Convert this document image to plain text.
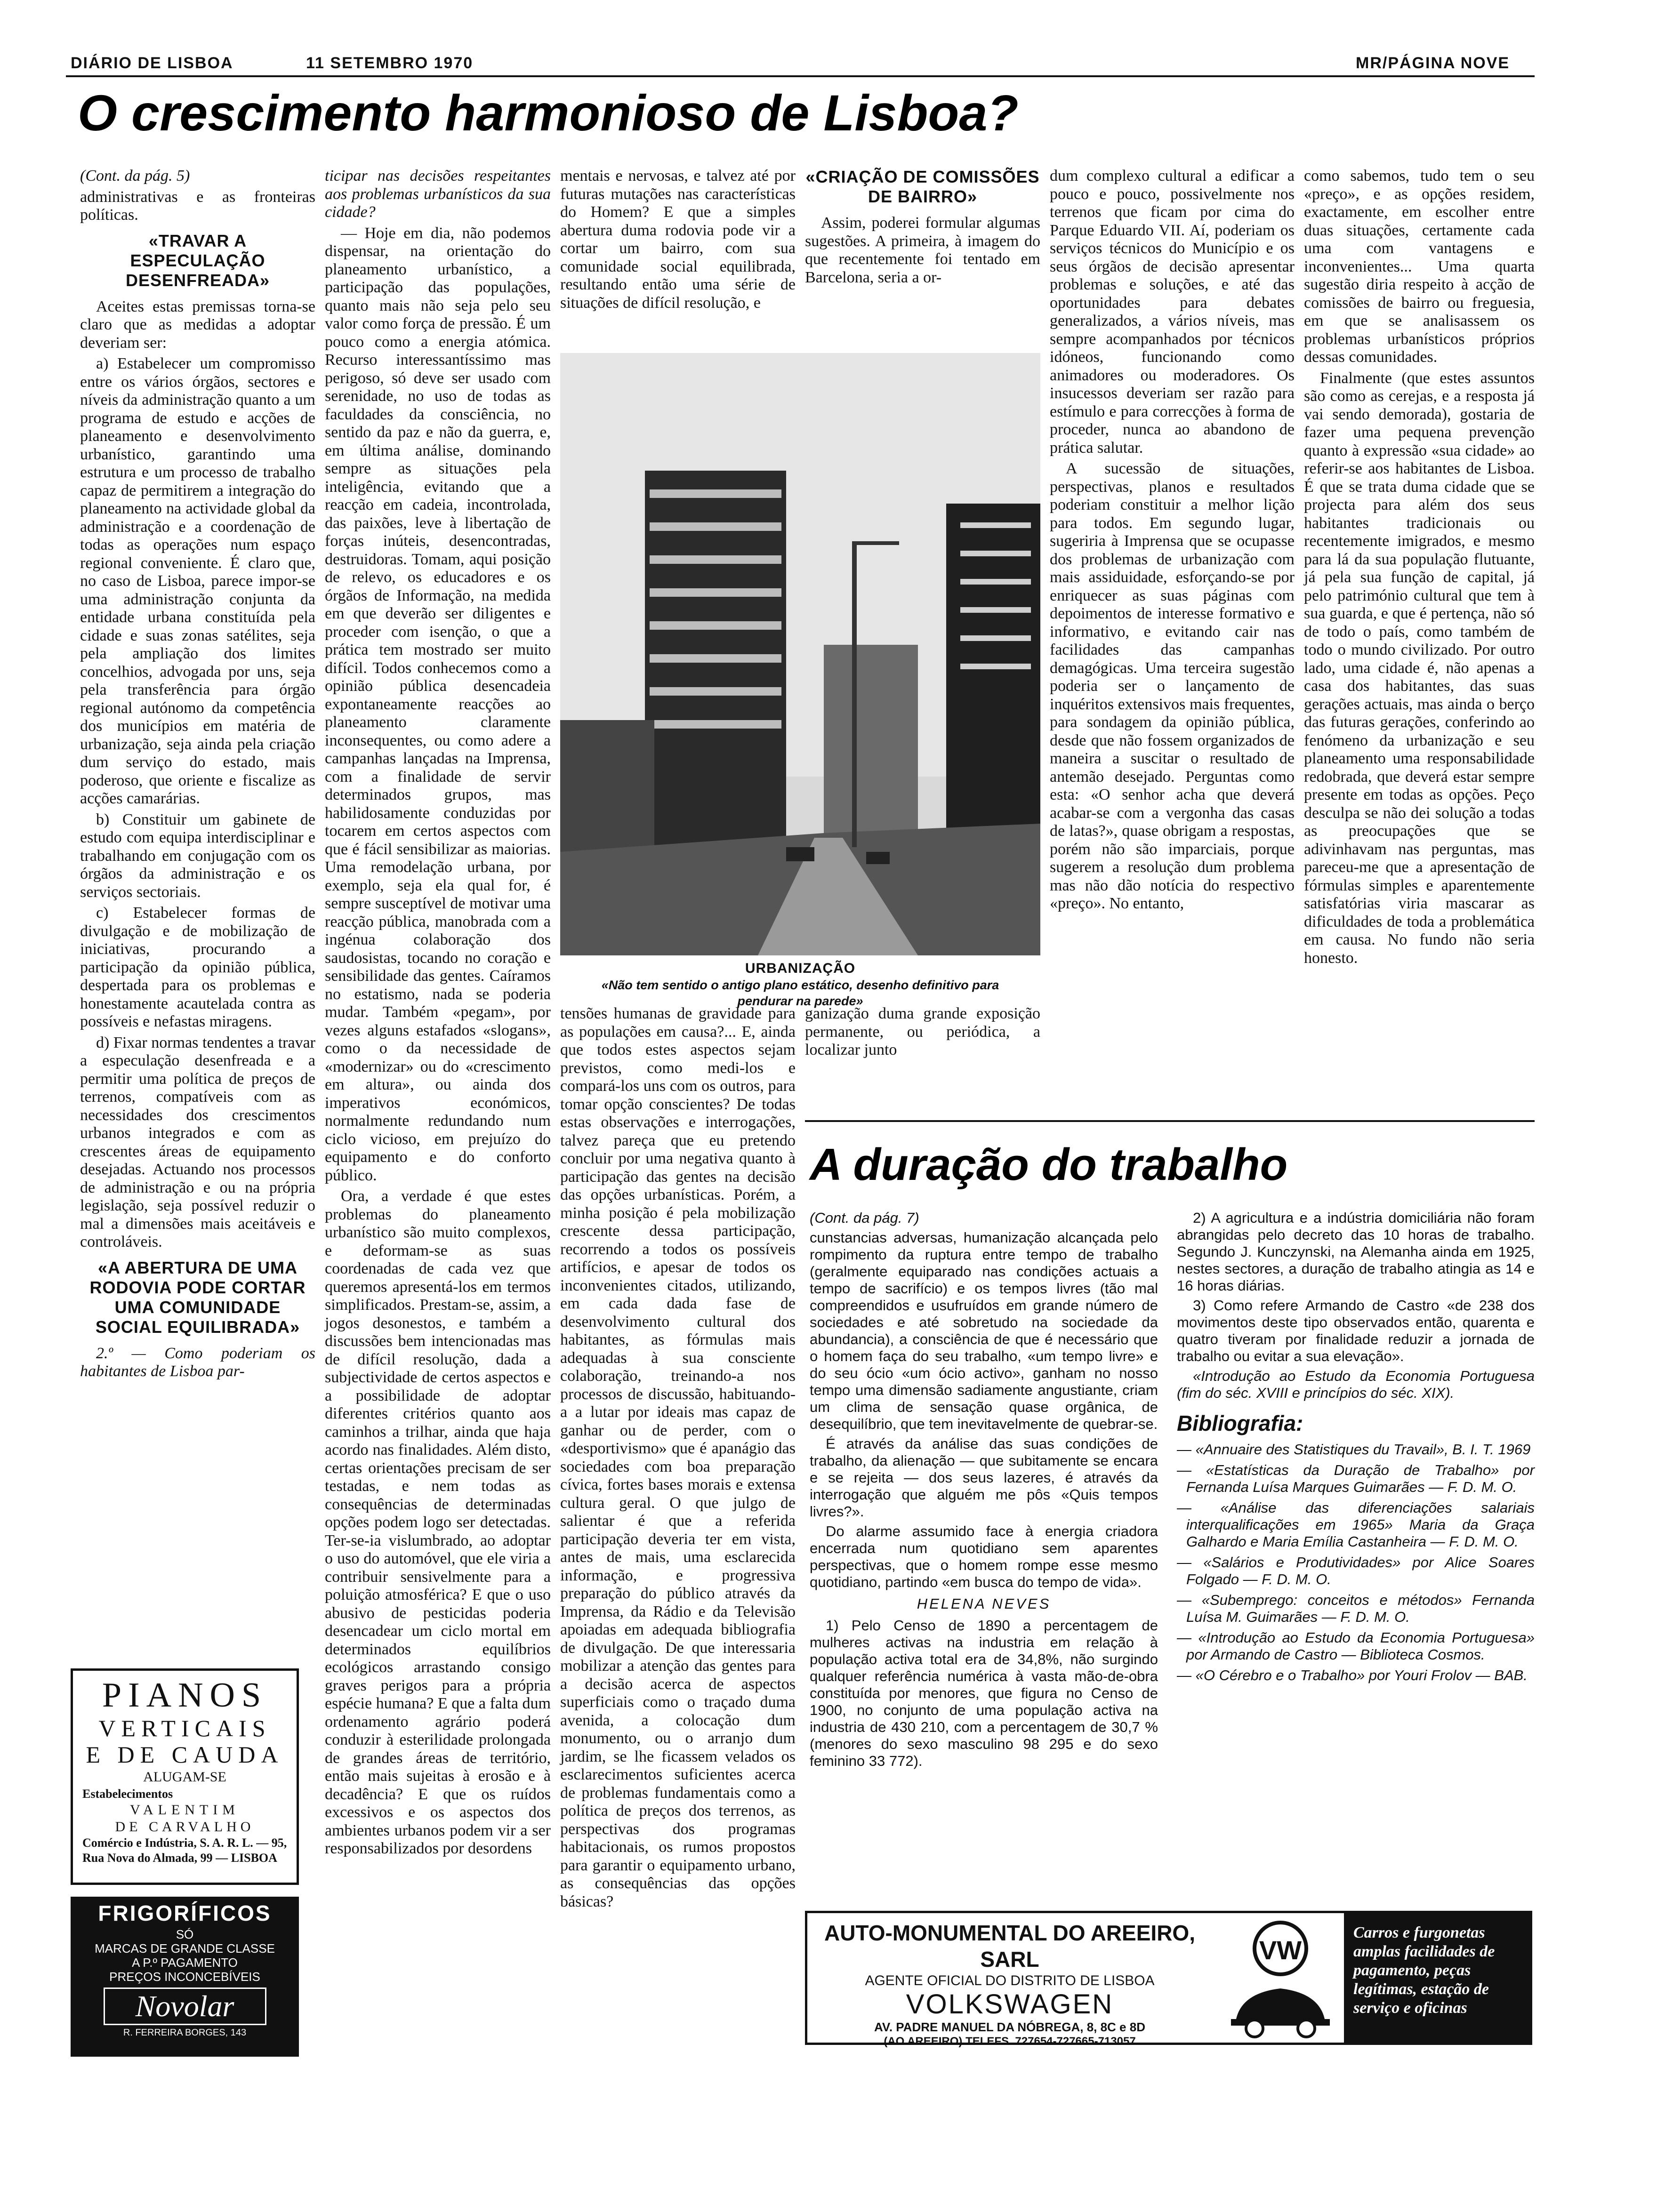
DIÁRIO DE LISBOA	11 SETEMBRO 1970	MR/PÁGINA NOVE
O crescimento harmonioso de Lisboa?

(Cont. da pág. 5)

administrativas e as fronteiras políticas.

«TRAVAR A ESPECULAÇÃO DESENFREADA»

Aceites estas premissas torna-se claro que as medidas a adoptar deveriam ser:

a) Estabelecer um compromisso entre os vários órgãos, sectores e níveis da administração quanto a um programa de estudo e acções de planeamento e desenvolvimento urbanístico, garantindo uma estrutura e um processo de trabalho capaz de permitirem a integração do planeamento na actividade global da administração e a coordenação de todas as operações num espaço regional conveniente. É claro que, no caso de Lisboa, parece impor-se uma administração conjunta da entidade urbana constituída pela cidade e suas zonas satélites, seja pela ampliação dos limites concelhios, advogada por uns, seja pela transferência para órgão regional autónomo da competência dos municípios em matéria de urbanização, seja ainda pela criação dum serviço do estado, mais poderoso, que oriente e fiscalize as acções camarárias.

b) Constituir um gabinete de estudo com equipa interdisciplinar e trabalhando em conjugação com os órgãos da administração e os serviços sectoriais.

c) Estabelecer formas de divulgação e de mobilização de iniciativas, procurando a participação da opinião pública, despertada para os problemas e honestamente acautelada contra as possíveis e nefastas miragens.

d) Fixar normas tendentes a travar a especulação desenfreada e a permitir uma política de preços de terrenos, compatíveis com as necessidades dos crescimentos urbanos integrados e com as crescentes áreas de equipamento desejadas. Actuando nos processos de administração e ou na própria legislação, seja possível reduzir o mal a dimensões mais aceitáveis e controláveis.

«A ABERTURA DE UMA RODOVIA PODE CORTAR UMA COMUNIDADE SOCIAL EQUILIBRADA»

2.º — Como poderiam os habitantes de Lisboa par-

ticipar nas decisões respeitantes aos problemas urbanísticos da sua cidade?

— Hoje em dia, não podemos dispensar, na orientação do planeamento urbanístico, a participação das populações, quanto mais não seja pelo seu valor como força de pressão. É um pouco como a energia atómica. Recurso interessantíssimo mas perigoso, só deve ser usado com serenidade, no uso de todas as faculdades da consciência, no sentido da paz e não da guerra, e, em última análise, dominando sempre as situações pela inteligência, evitando que a reacção em cadeia, incontrolada, das paixões, leve à libertação de forças inúteis, desencontradas, destruidoras. Tomam, aqui posição de relevo, os educadores e os órgãos de Informação, na medida em que deverão ser diligentes e proceder com isenção, o que a prática tem mostrado ser muito difícil. Todos conhecemos como a opinião pública desencadeia expontaneamente reacções ao planeamento claramente inconsequentes, ou como adere a campanhas lançadas na Imprensa, com a finalidade de servir determinados grupos, mas habilidosamente conduzidas por tocarem em certos aspectos com que é fácil sensibilizar as maiorias. Uma remodelação urbana, por exemplo, seja ela qual for, é sempre susceptível de motivar uma reacção pública, manobrada com a ingénua colaboração dos saudosistas, tocando no coração e sensibilidade das gentes. Caíramos no estatismo, nada se poderia mudar. Também «pegam», por vezes alguns estafados «slogans», como o da necessidade de «modernizar» ou do «crescimento em altura», ou ainda dos imperativos económicos, normalmente redundando num ciclo vicioso, em prejuízo do equipamento e do conforto público.

Ora, a verdade é que estes problemas do planeamento urbanístico são muito complexos, e deformam-se as suas coordenadas de cada vez que queremos apresentá-los em termos simplificados. Prestam-se, assim, a jogos desonestos, e também a discussões bem intencionadas mas de difícil resolução, dada a subjectividade de certos aspectos e a possibilidade de adoptar diferentes critérios quanto aos caminhos a trilhar, ainda que haja acordo nas finalidades. Além disto, certas orientações precisam de ser testadas, e nem todas as consequências de determinadas opções podem logo ser detectadas. Ter-se-ia vislumbrado, ao adoptar o uso do automóvel, que ele viria a contribuir sensivelmente para a poluição atmosférica? E que o uso abusivo de pesticidas poderia desencadear um ciclo mortal em determinados equilíbrios ecológicos arrastando consigo graves perigos para a própria espécie humana? E que a falta dum ordenamento agrário poderá conduzir à esterilidade prolongada de grandes áreas de território, então mais sujeitas à erosão e à decadência? E que os ruídos excessivos e os aspectos dos ambientes urbanos podem vir a ser responsabilizados por desordens

mentais e nervosas, e talvez até por futuras mutações nas características do Homem? E que a simples abertura duma rodovia pode vir a cortar um bairro, com sua comunidade social equilibrada, resultando então uma série de situações de difícil resolução, e

«CRIAÇÃO DE COMISSÕES DE BAIRRO»

Assim, poderei formular algumas sugestões. A primeira, à imagem do que recentemente foi tentado em Barcelona, seria a or-

URBANIZAÇÃO
«Não tem sentido o antigo plano estático, desenho definitivo para pendurar na parede»

dum complexo cultural a edificar a pouco e pouco, possivelmente nos terrenos que ficam por cima do Parque Eduardo VII. Aí, poderiam os serviços técnicos do Município e os seus órgãos de decisão apresentar problemas e soluções, e até das oportunidades para debates generalizados, a vários níveis, mas sempre acompanhados por técnicos idóneos, funcionando como animadores ou moderadores. Os insucessos deveriam ser razão para estímulo e para correcções à forma de proceder, nunca ao abandono de prática salutar.

A sucessão de situações, perspectivas, planos e resultados poderiam constituir a melhor lição para todos. Em segundo lugar, sugeriria à Imprensa que se ocupasse dos problemas de urbanização com mais assiduidade, esforçando-se por enriquecer as suas páginas com depoimentos de interesse formativo e informativo, e evitando cair nas facilidades das campanhas demagógicas. Uma terceira sugestão poderia ser o lançamento de inquéritos extensivos mais frequentes, para sondagem da opinião pública, desde que não fossem organizados de maneira a suscitar o resultado de antemão desejado. Perguntas como esta: «O senhor acha que deverá acabar-se com a vergonha das casas de latas?», quase obrigam a respostas, porém não são imparciais, porque sugerem a resolução dum problema mas não dão notícia do respectivo «preço». No entanto,

como sabemos, tudo tem o seu «preço», e as opções residem, exactamente, em escolher entre duas situações, certamente cada uma com vantagens e inconvenientes... Uma quarta sugestão diria respeito à acção de comissões de bairro ou freguesia, em que se analisassem os problemas urbanísticos próprios dessas comunidades.

Finalmente (que estes assuntos são como as cerejas, e a resposta já vai sendo demorada), gostaria de fazer uma pequena prevenção quanto à expressão «sua cidade» ao referir-se aos habitantes de Lisboa. É que se trata duma cidade que se projecta para além dos seus habitantes tradicionais ou recentemente imigrados, e mesmo para lá da sua população flutuante, já pela sua função de capital, já pelo património cultural que tem à sua guarda, e que é pertença, não só de todo o país, como também de todo o mundo civilizado. Por outro lado, uma cidade é, não apenas a casa dos habitantes, das suas gerações actuais, mas ainda o berço das futuras gerações, conferindo ao fenómeno da urbanização e seu planeamento uma responsabilidade redobrada, que deverá estar sempre presente em todas as opções. Peço desculpa se não dei solução a todas as preocupações que se adivinhavam nas perguntas, mas pareceu-me que a apresentação de fórmulas simples e aparentemente satisfatórias viria mascarar as dificuldades de toda a problemática em causa. No fundo não seria honesto.

tensões humanas de gravidade para as populações em causa?... E, ainda que todos estes aspectos sejam previstos, como medi-los e compará-los uns com os outros, para tomar opção conscientes? De todas estas observações e interrogações, talvez pareça que eu pretendo concluir por uma negativa quanto à participação das gentes na decisão das opções urbanísticas. Porém, a minha posição é pela mobilização crescente dessa participação, recorrendo a todos os possíveis artifícios, e apesar de todos os inconvenientes citados, utilizando, em cada dada fase de desenvolvimento cultural dos habitantes, as fórmulas mais adequadas à sua consciente colaboração, treinando-a nos processos de discussão, habituando-a a lutar por ideais mas capaz de ganhar ou de perder, com o «desportivismo» que é apanágio das sociedades com boa preparação cívica, fortes bases morais e extensa cultura geral. O que julgo de salientar é que a referida participação deveria ter em vista, antes de mais, uma esclarecida informação, e progressiva preparação do público através da Imprensa, da Rádio e da Televisão apoiadas em adequada bibliografia de divulgação. De que interessaria mobilizar a atenção das gentes para a decisão acerca de aspectos superficiais como o traçado duma avenida, a colocação dum monumento, ou o arranjo dum jardim, se lhe ficassem velados os esclarecimentos suficientes acerca de problemas fundamentais como a política de preços dos terrenos, as perspectivas dos programas habitacionais, os rumos propostos para garantir o equipamento urbano, as consequências das opções básicas?

ganização duma grande exposição permanente, ou periódica, a localizar junto

A duração do trabalho

(Cont. da pág. 7)

cunstancias adversas, humanização alcançada pelo rompimento da ruptura entre tempo de trabalho (geralmente equiparado nas condições actuais a tempo de sacrifício) e os tempos livres (tão mal compreendidos e usufruídos em grande número de sociedades e até sobretudo na sociedade da abundancia), a consciência de que é necessário que o homem faça do seu trabalho, «um tempo livre» e do seu ócio «um ócio activo», ganham no nosso tempo uma dimensão sadiamente angustiante, criam um clima de sensação quase orgânica, de desequilíbrio, que tem inevitavelmente de quebrar-se.

É através da análise das suas condições de trabalho, da alienação — que subitamente se encara e se rejeita — dos seus lazeres, é através da interrogação que alguém me pôs «Quis tempos livres?».

Do alarme assumido face à energia criadora encerrada num quotidiano sem aparentes perspectivas, que o homem rompe esse mesmo quotidiano, partindo «em busca do tempo de vida».

HELENA NEVES

1) Pelo Censo de 1890 a percentagem de mulheres activas na industria em relação à população activa total era de 34,8%, não surgindo qualquer referência numérica à vasta mão-de-obra constituída por menores, que figura no Censo de 1900, no conjunto de uma população activa na industria de 430 210, com a percentagem de 30,7 % (menores do sexo masculino 98 295 e do sexo feminino 33 772).

2) A agricultura e a indústria domiciliária não foram abrangidas pelo decreto das 10 horas de trabalho. Segundo J. Kunczynski, na Alemanha ainda em 1925, nestes sectores, a duração de trabalho atingia as 14 e 16 horas diárias.

3) Como refere Armando de Castro «de 238 dos movimentos deste tipo observados então, quarenta e quatro tiveram por finalidade reduzir a jornada de trabalho ou evitar a sua elevação».

«Introdução ao Estudo da Economia Portuguesa (fim do séc. XVIII e princípios do séc. XIX).

Bibliografia:
— «Annuaire des Statistiques du Travail», B. I. T. 1969
— «Estatísticas da Duração de Trabalho» por Fernanda Luísa Marques Guimarães — F. D. M. O.
— «Análise das diferenciações salariais interqualificações em 1965» Maria da Graça Galhardo e Maria Emília Castanheira — F. D. M. O.
— «Salários e Produtividades» por Alice Soares Folgado — F. D. M. O.
— «Subemprego: conceitos e métodos» Fernanda Luísa M. Guimarães — F. D. M. O.
— «Introdução ao Estudo da Economia Portuguesa» por Armando de Castro — Biblioteca Cosmos.
— «O Cérebro e o Trabalho» por Youri Frolov — BAB.
PIANOS
VERTICAIS
E DE CAUDA
ALUGAM-SE
Estabelecimentos
VALENTIM
DE CARVALHO
Comércio e Indústria, S. A. R. L. — 95, Rua Nova do Almada, 99 — LISBOA
FRIGORÍFICOS
SÓ
MARCAS DE GRANDE CLASSE
A P.º PAGAMENTO
PREÇOS INCONCEBÍVEIS
Novolar
R. FERREIRA BORGES, 143
AUTO-MONUMENTAL DO AREEIRO, SARL
AGENTE OFICIAL DO DISTRITO DE LISBOA
VOLKSWAGEN
AV. PADRE MANUEL DA NÓBREGA, 8, 8C e 8D
(AO AREEIRO) TELEFS. 727654-727665-713057
VW
Carros e furgonetas amplas facilidades de pagamento, peças legítimas, estação de serviço e oficinas
